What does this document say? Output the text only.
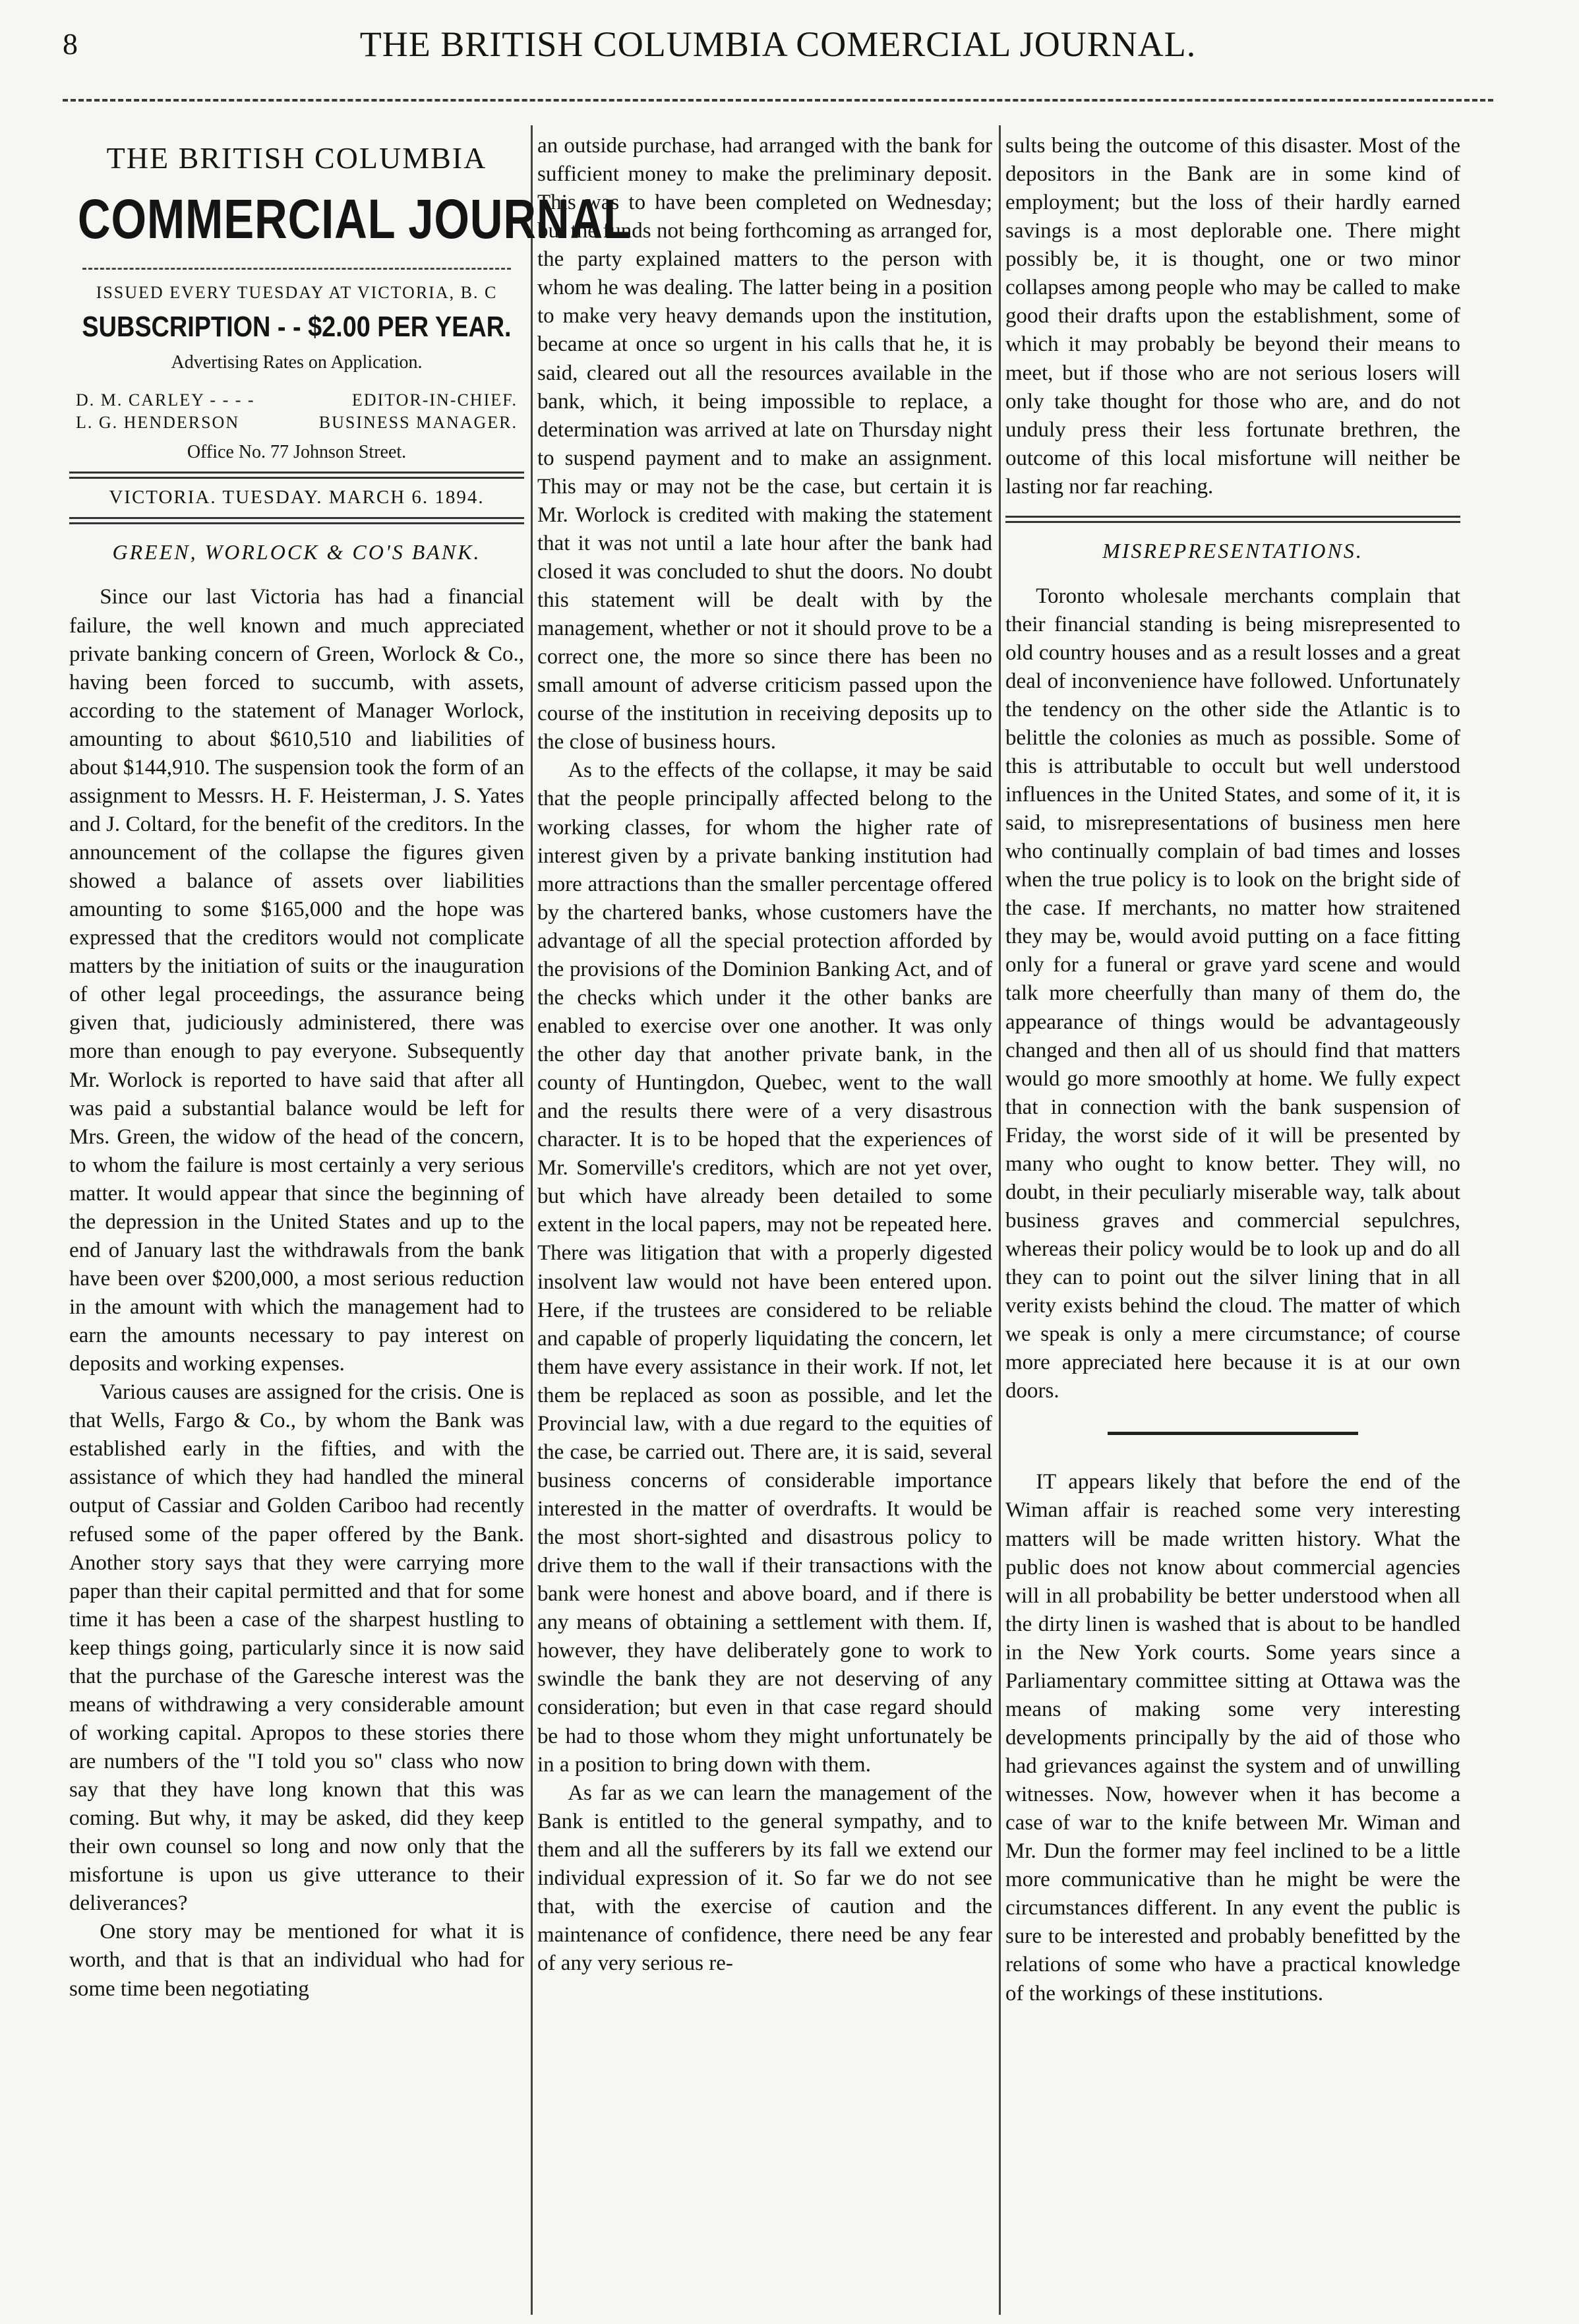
8	THE BRITISH COLUMBIA COMERCIAL JOURNAL.
THE BRITISH COLUMBIA
COMMERCIAL JOURNAL
ISSUED EVERY TUESDAY AT VICTORIA, B. C
SUBSCRIPTION - - $2.00 PER YEAR.
Advertising Rates on Application.
D. M. CARLEY - - - -	EDITOR-IN-CHIEF.
L. G. HENDERSON	BUSINESS MANAGER.
Office No. 77 Johnson Street.
VICTORIA. TUESDAY. MARCH 6. 1894.
GREEN, WORLOCK & CO'S BANK.

Since our last Victoria has had a financial failure, the well known and much appreciated private banking concern of Green, Worlock & Co., having been forced to succumb, with assets, according to the statement of Manager Worlock, amounting to about $610,510 and liabilities of about $144,910. The suspension took the form of an assignment to Messrs. H. F. Heisterman, J. S. Yates and J. Coltard, for the benefit of the creditors. In the announcement of the collapse the figures given showed a balance of assets over liabilities amounting to some $165,000 and the hope was expressed that the creditors would not complicate matters by the initiation of suits or the inauguration of other legal proceedings, the assurance being given that, judiciously administered, there was more than enough to pay everyone. Subsequently Mr. Worlock is reported to have said that after all was paid a substantial balance would be left for Mrs. Green, the widow of the head of the concern, to whom the failure is most certainly a very serious matter. It would appear that since the beginning of the depression in the United States and up to the end of January last the withdrawals from the bank have been over $200,000, a most serious reduction in the amount with which the management had to earn the amounts necessary to pay interest on deposits and working expenses.

Various causes are assigned for the crisis. One is that Wells, Fargo & Co., by whom the Bank was established early in the fifties, and with the assistance of which they had handled the mineral output of Cassiar and Golden Cariboo had recently refused some of the paper offered by the Bank. Another story says that they were carrying more paper than their capital permitted and that for some time it has been a case of the sharpest hustling to keep things going, particularly since it is now said that the purchase of the Garesche interest was the means of withdrawing a very considerable amount of working capital. Apropos to these stories there are numbers of the "I told you so" class who now say that they have long known that this was coming. But why, it may be asked, did they keep their own counsel so long and now only that the misfortune is upon us give utterance to their deliverances?

One story may be mentioned for what it is worth, and that is that an individual who had for some time been negotiating

an outside purchase, had arranged with the bank for sufficient money to make the preliminary deposit. This was to have been completed on Wednesday; but the funds not being forthcoming as arranged for, the party explained matters to the person with whom he was dealing. The latter being in a position to make very heavy demands upon the institution, became at once so urgent in his calls that he, it is said, cleared out all the resources available in the bank, which, it being impossible to replace, a determination was arrived at late on Thursday night to suspend payment and to make an assignment. This may or may not be the case, but certain it is Mr. Worlock is credited with making the statement that it was not until a late hour after the bank had closed it was concluded to shut the doors. No doubt this statement will be dealt with by the management, whether or not it should prove to be a correct one, the more so since there has been no small amount of adverse criticism passed upon the course of the institution in receiving deposits up to the close of business hours.

As to the effects of the collapse, it may be said that the people principally affected belong to the working classes, for whom the higher rate of interest given by a private banking institution had more attractions than the smaller percentage offered by the chartered banks, whose customers have the advantage of all the special protection afforded by the provisions of the Dominion Banking Act, and of the checks which under it the other banks are enabled to exercise over one another. It was only the other day that another private bank, in the county of Huntingdon, Quebec, went to the wall and the results there were of a very disastrous character. It is to be hoped that the experiences of Mr. Somerville's creditors, which are not yet over, but which have already been detailed to some extent in the local papers, may not be repeated here. There was litigation that with a properly digested insolvent law would not have been entered upon. Here, if the trustees are considered to be reliable and capable of properly liquidating the concern, let them have every assistance in their work. If not, let them be replaced as soon as possible, and let the Provincial law, with a due regard to the equities of the case, be carried out. There are, it is said, several business concerns of considerable importance interested in the matter of overdrafts. It would be the most short-sighted and disastrous policy to drive them to the wall if their transactions with the bank were honest and above board, and if there is any means of obtaining a settlement with them. If, however, they have deliberately gone to work to swindle the bank they are not deserving of any consideration; but even in that case regard should be had to those whom they might unfortunately be in a position to bring down with them.

As far as we can learn the management of the Bank is entitled to the general sympathy, and to them and all the sufferers by its fall we extend our individual expression of it. So far we do not see that, with the exercise of caution and the maintenance of confidence, there need be any fear of any very serious re-

sults being the outcome of this disaster. Most of the depositors in the Bank are in some kind of employment; but the loss of their hardly earned savings is a most deplorable one. There might possibly be, it is thought, one or two minor collapses among people who may be called to make good their drafts upon the establishment, some of which it may probably be beyond their means to meet, but if those who are not serious losers will only take thought for those who are, and do not unduly press their less fortunate brethren, the outcome of this local misfortune will neither be lasting nor far reaching.

MISREPRESENTATIONS.

Toronto wholesale merchants complain that their financial standing is being misrepresented to old country houses and as a result losses and a great deal of inconvenience have followed. Unfortunately the tendency on the other side the Atlantic is to belittle the colonies as much as possible. Some of this is attributable to occult but well understood influences in the United States, and some of it, it is said, to misrepresentations of business men here who continually complain of bad times and losses when the true policy is to look on the bright side of the case. If merchants, no matter how straitened they may be, would avoid putting on a face fitting only for a funeral or grave yard scene and would talk more cheerfully than many of them do, the appearance of things would be advantageously changed and then all of us should find that matters would go more smoothly at home. We fully expect that in connection with the bank suspension of Friday, the worst side of it will be presented by many who ought to know better. They will, no doubt, in their peculiarly miserable way, talk about business graves and commercial sepulchres, whereas their policy would be to look up and do all they can to point out the silver lining that in all verity exists behind the cloud. The matter of which we speak is only a mere circumstance; of course more appreciated here because it is at our own doors.

IT appears likely that before the end of the Wiman affair is reached some very interesting matters will be made written history. What the public does not know about commercial agencies will in all probability be better understood when all the dirty linen is washed that is about to be handled in the New York courts. Some years since a Parliamentary committee sitting at Ottawa was the means of making some very interesting developments principally by the aid of those who had grievances against the system and of unwilling witnesses. Now, however when it has become a case of war to the knife between Mr. Wiman and Mr. Dun the former may feel inclined to be a little more communicative than he might be were the circumstances different. In any event the public is sure to be interested and probably benefitted by the relations of some who have a practical knowledge of the workings of these institutions.
